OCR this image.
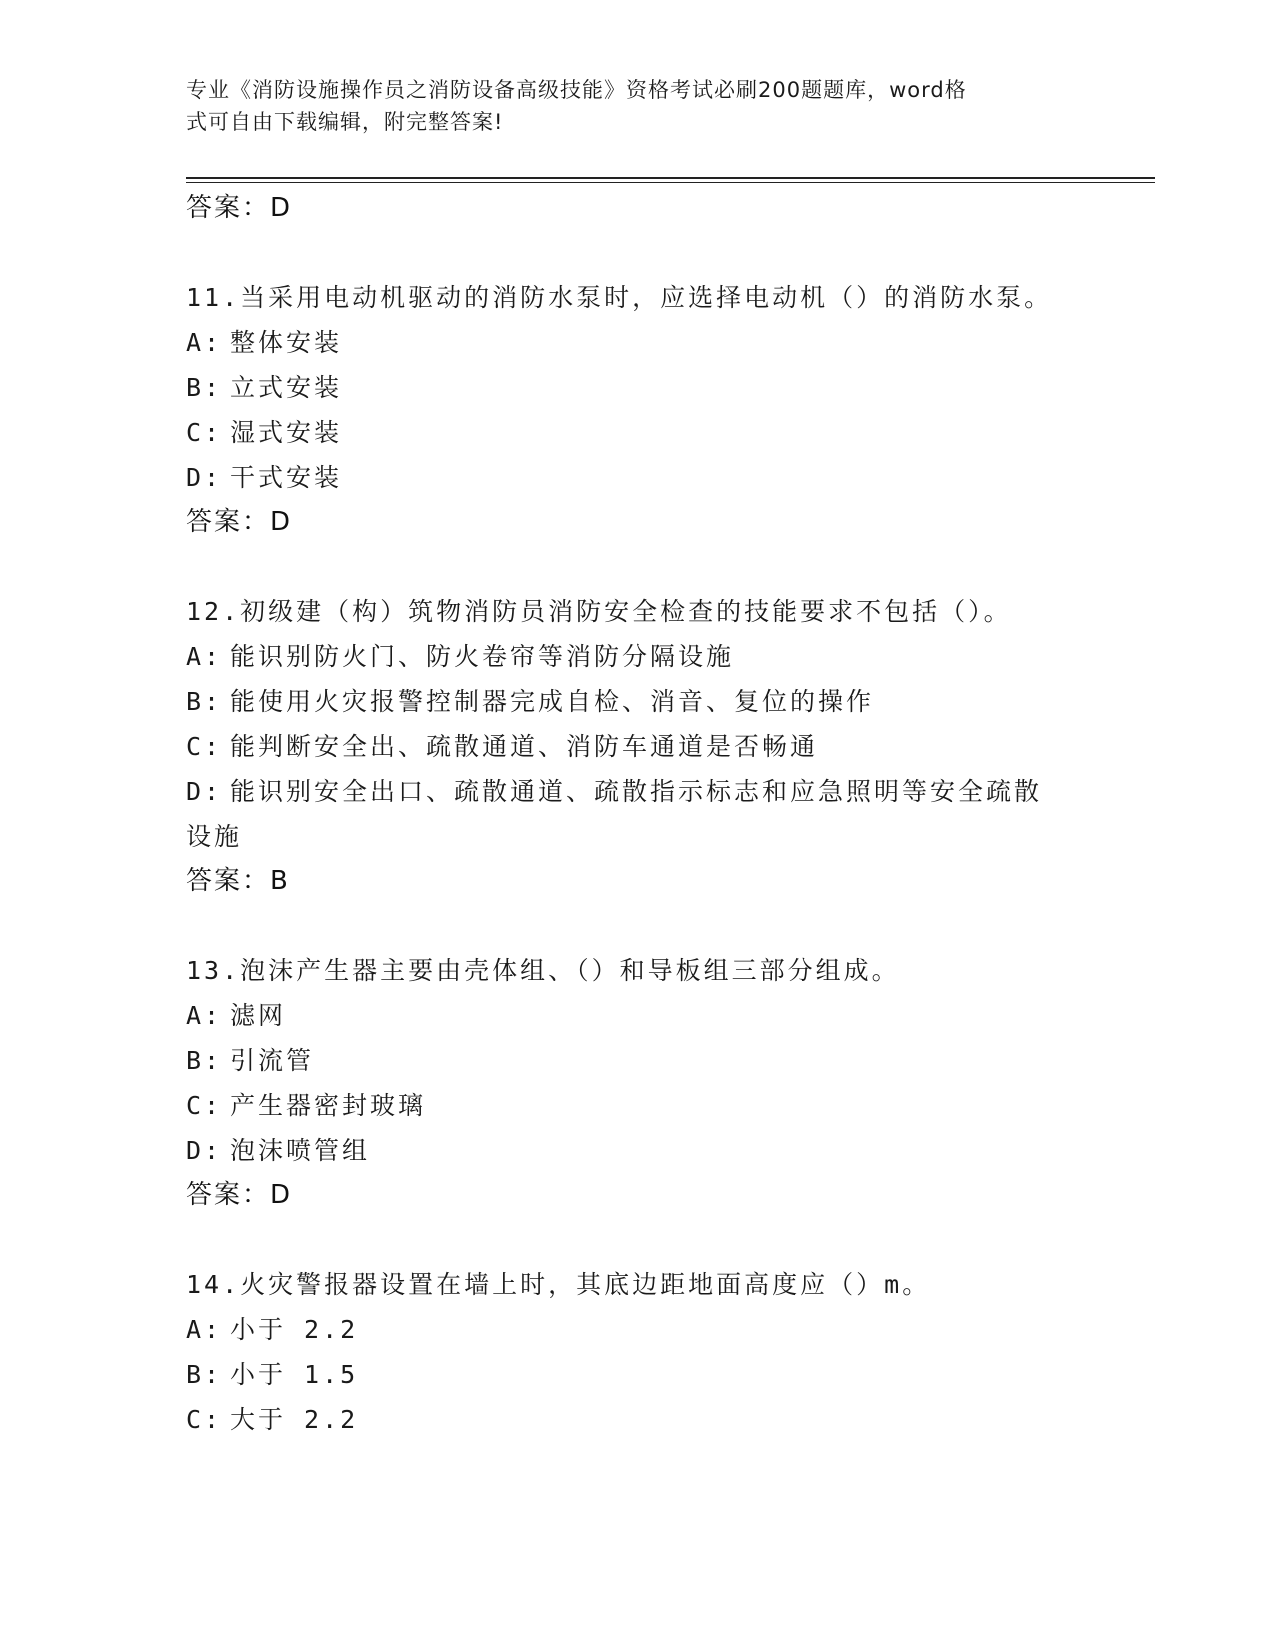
专业《消防设施操作员之消防设备高级技能》资格考试必刷200题题库，word格
式可自由下载编辑，附完整答案!
答案：D
11.当采用电动机驱动的消防水泵时，应选择电动机（）的消防水泵。
A: 整体安装
B: 立式安装
C: 湿式安装
D: 干式安装
答案：D
12.初级建（构）筑物消防员消防安全检查的技能要求不包括（）。
A: 能识别防火门、防火卷帘等消防分隔设施
B: 能使用火灾报警控制器完成自检、消音、复位的操作
C: 能判断安全出、疏散通道、消防车通道是否畅通
D: 能识别安全出口、疏散通道、疏散指示标志和应急照明等安全疏散设施
答案：B
13.泡沫产生器主要由壳体组、（）和导板组三部分组成。
A: 滤网
B: 引流管
C: 产生器密封玻璃
D: 泡沫喷管组
答案：D
14.火灾警报器设置在墙上时，其底边距地面高度应（）m。
A: 小于 2.2
B: 小于 1.5
C: 大于 2.2
